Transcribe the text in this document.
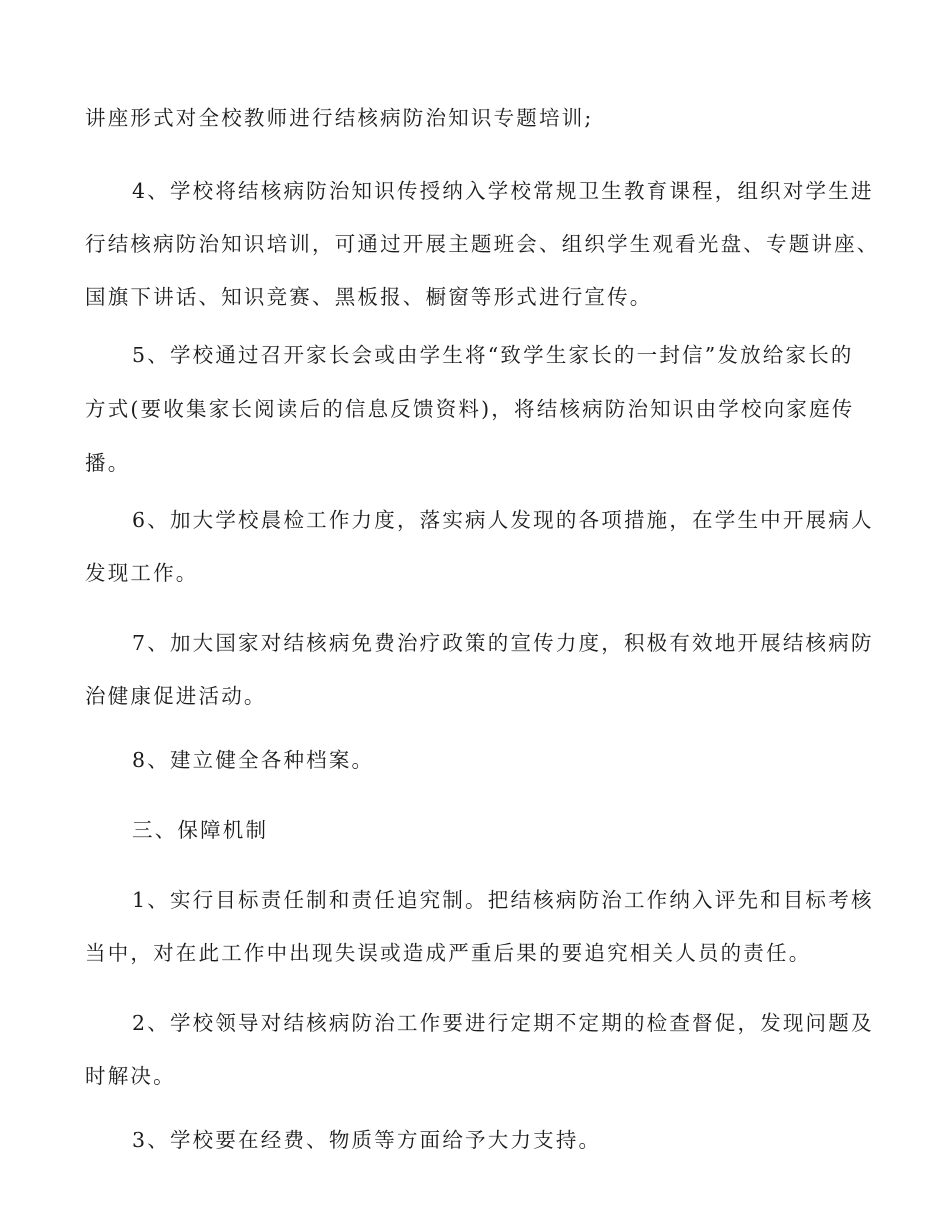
讲座形式对全校教师进行结核病防治知识专题培训;
4、学校将结核病防治知识传授纳入学校常规卫生教育课程，组织对学生进
行结核病防治知识培训，可通过开展主题班会、组织学生观看光盘、专题讲座、
国旗下讲话、知识竞赛、黑板报、橱窗等形式进行宣传。
5、学校通过召开家长会或由学生将“致学生家长的一封信”发放给家长的
方式(要收集家长阅读后的信息反馈资料)，将结核病防治知识由学校向家庭传
播。
6、加大学校晨检工作力度，落实病人发现的各项措施，在学生中开展病人
发现工作。
7、加大国家对结核病免费治疗政策的宣传力度，积极有效地开展结核病防
治健康促进活动。
8、建立健全各种档案。
三、保障机制
1、实行目标责任制和责任追究制。把结核病防治工作纳入评先和目标考核
当中，对在此工作中出现失误或造成严重后果的要追究相关人员的责任。
2、学校领导对结核病防治工作要进行定期不定期的检查督促，发现问题及
时解决。
3、学校要在经费、物质等方面给予大力支持。
